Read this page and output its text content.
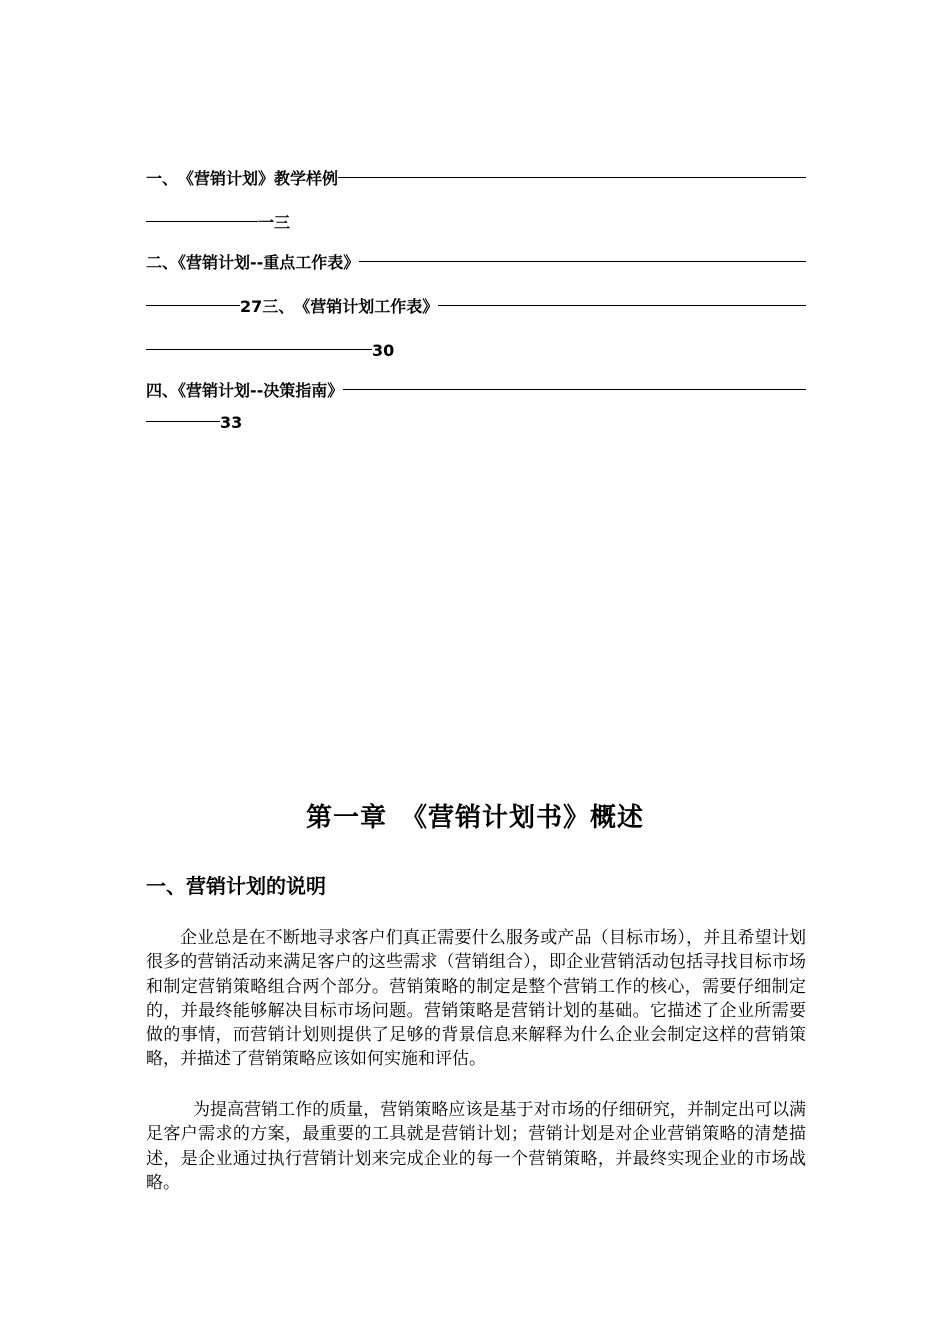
一、　《营销计划》教学样例
一三
二、《营销计划--重点工作表》
27三、　《营销计划工作表》
30
四、《营销计划--决策指南》
33
第一章　《营销计划书》概述
一、营销计划的说明
企业总是在不断地寻求客户们真正需要什么服务或产品（目标市场），并且希望计划很多的营销活动来满足客户的这些需求（营销组合），即企业营销活动包括寻找目标市场和制定营销策略组合两个部分。营销策略的制定是整个营销工作的核心，需要仔细制定的，并最终能够解决目标市场问题。营销策略是营销计划的基础。它描述了企业所需要做的事情，而营销计划则提供了足够的背景信息来解释为什么企业会制定这样的营销策略，并描述了营销策略应该如何实施和评估。
为提高营销工作的质量，营销策略应该是基于对市场的仔细研究，并制定出可以满足客户需求的方案，最重要的工具就是营销计划；营销计划是对企业营销策略的清楚描述，是企业通过执行营销计划来完成企业的每一个营销策略，并最终实现企业的市场战略。
